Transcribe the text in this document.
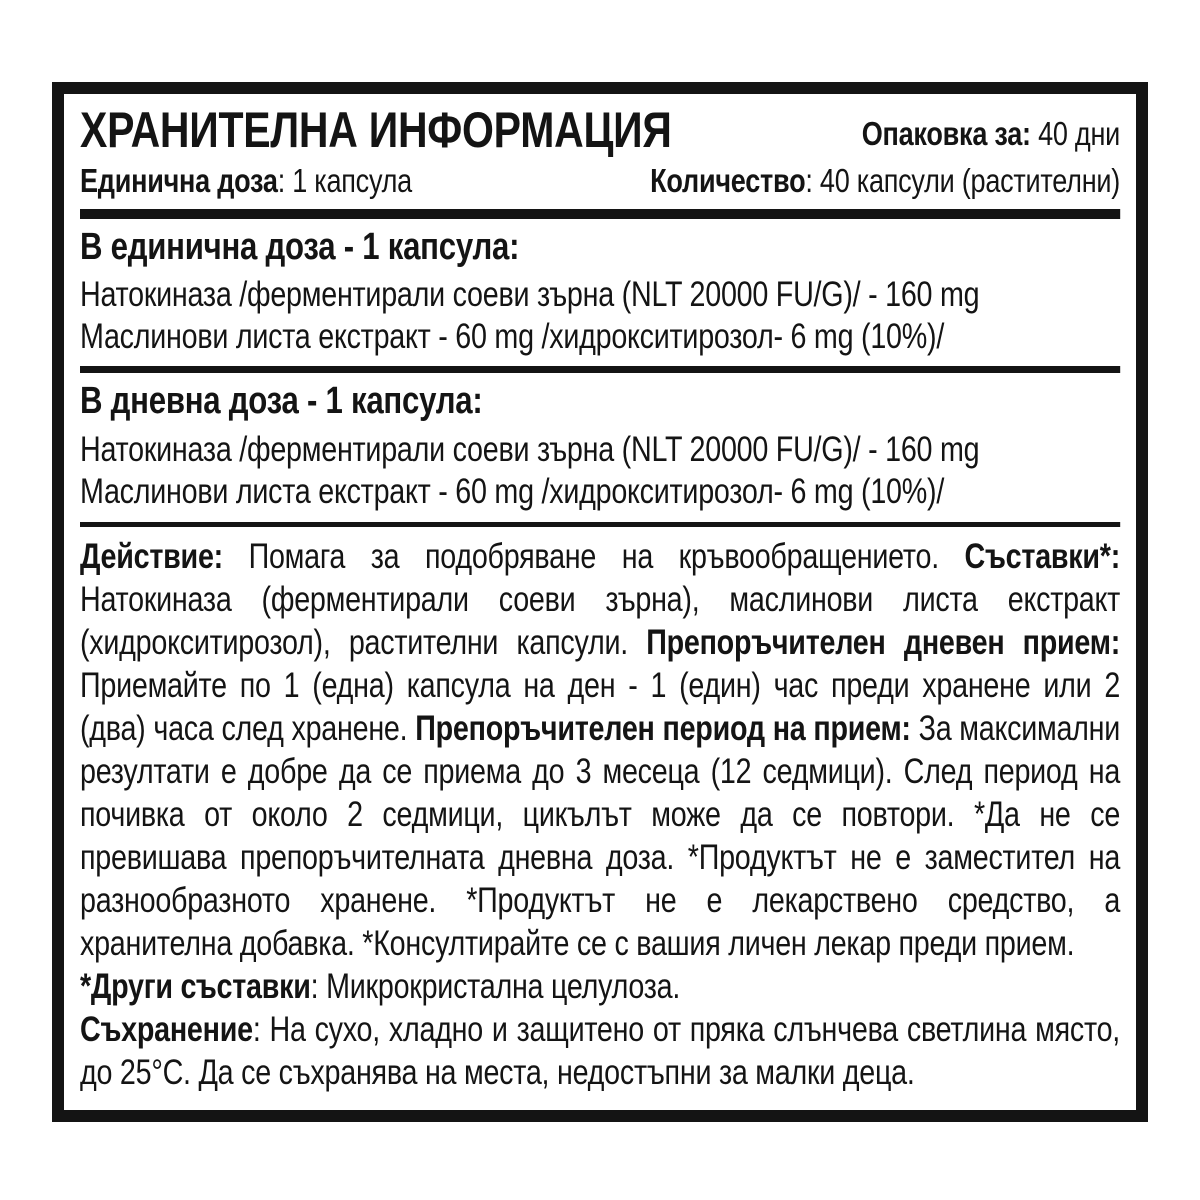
ХРАНИТЕЛНА ИНФОРМАЦИЯ	Опаковка за: 40 дни
Единична доза: 1 капсула	Количество: 40 капсули (растителни)
В единична доза - 1 капсула:
Натокиназа /ферментирали соеви зърна (NLT 20000 FU/G)/ - 160 mg
Маслинови листа екстракт - 60 mg /хидрокситирозол- 6 mg (10%)/
В дневна доза - 1 капсула:
Натокиназа /ферментирали соеви зърна (NLT 20000 FU/G)/ - 160 mg
Маслинови листа екстракт - 60 mg /хидрокситирозол- 6 mg (10%)/

Действие: Помага за подобряване на кръвообращението. Съставки*: Натокиназа (ферментирали соеви зърна), маслинови листа екстракт (хидрокситирозол), растителни капсули. Препоръчителен дневен прием: Приемайте по 1 (една) капсула на ден - 1 (един) час преди хранене или 2 (два) часа след хранене. Препоръчителен период на прием: За максимални резултати е добре да се приема до 3 месеца (12 седмици). След период на почивка от около 2 седмици, цикълът може да се повтори. *Да не се превишава препоръчителната дневна доза. *Продуктът не е заместител на разнообразното хранене. *Продуктът не е лекарствено средство, а хранителна добавка. *Консултирайте се с вашия личен лекар преди прием.

*Други съставки: Микрокристална целулоза.

Съхранение: На сухо, хладно и защитено от пряка слънчева светлина място, до 25°C. Да се съхранява на места, недостъпни за малки деца.
